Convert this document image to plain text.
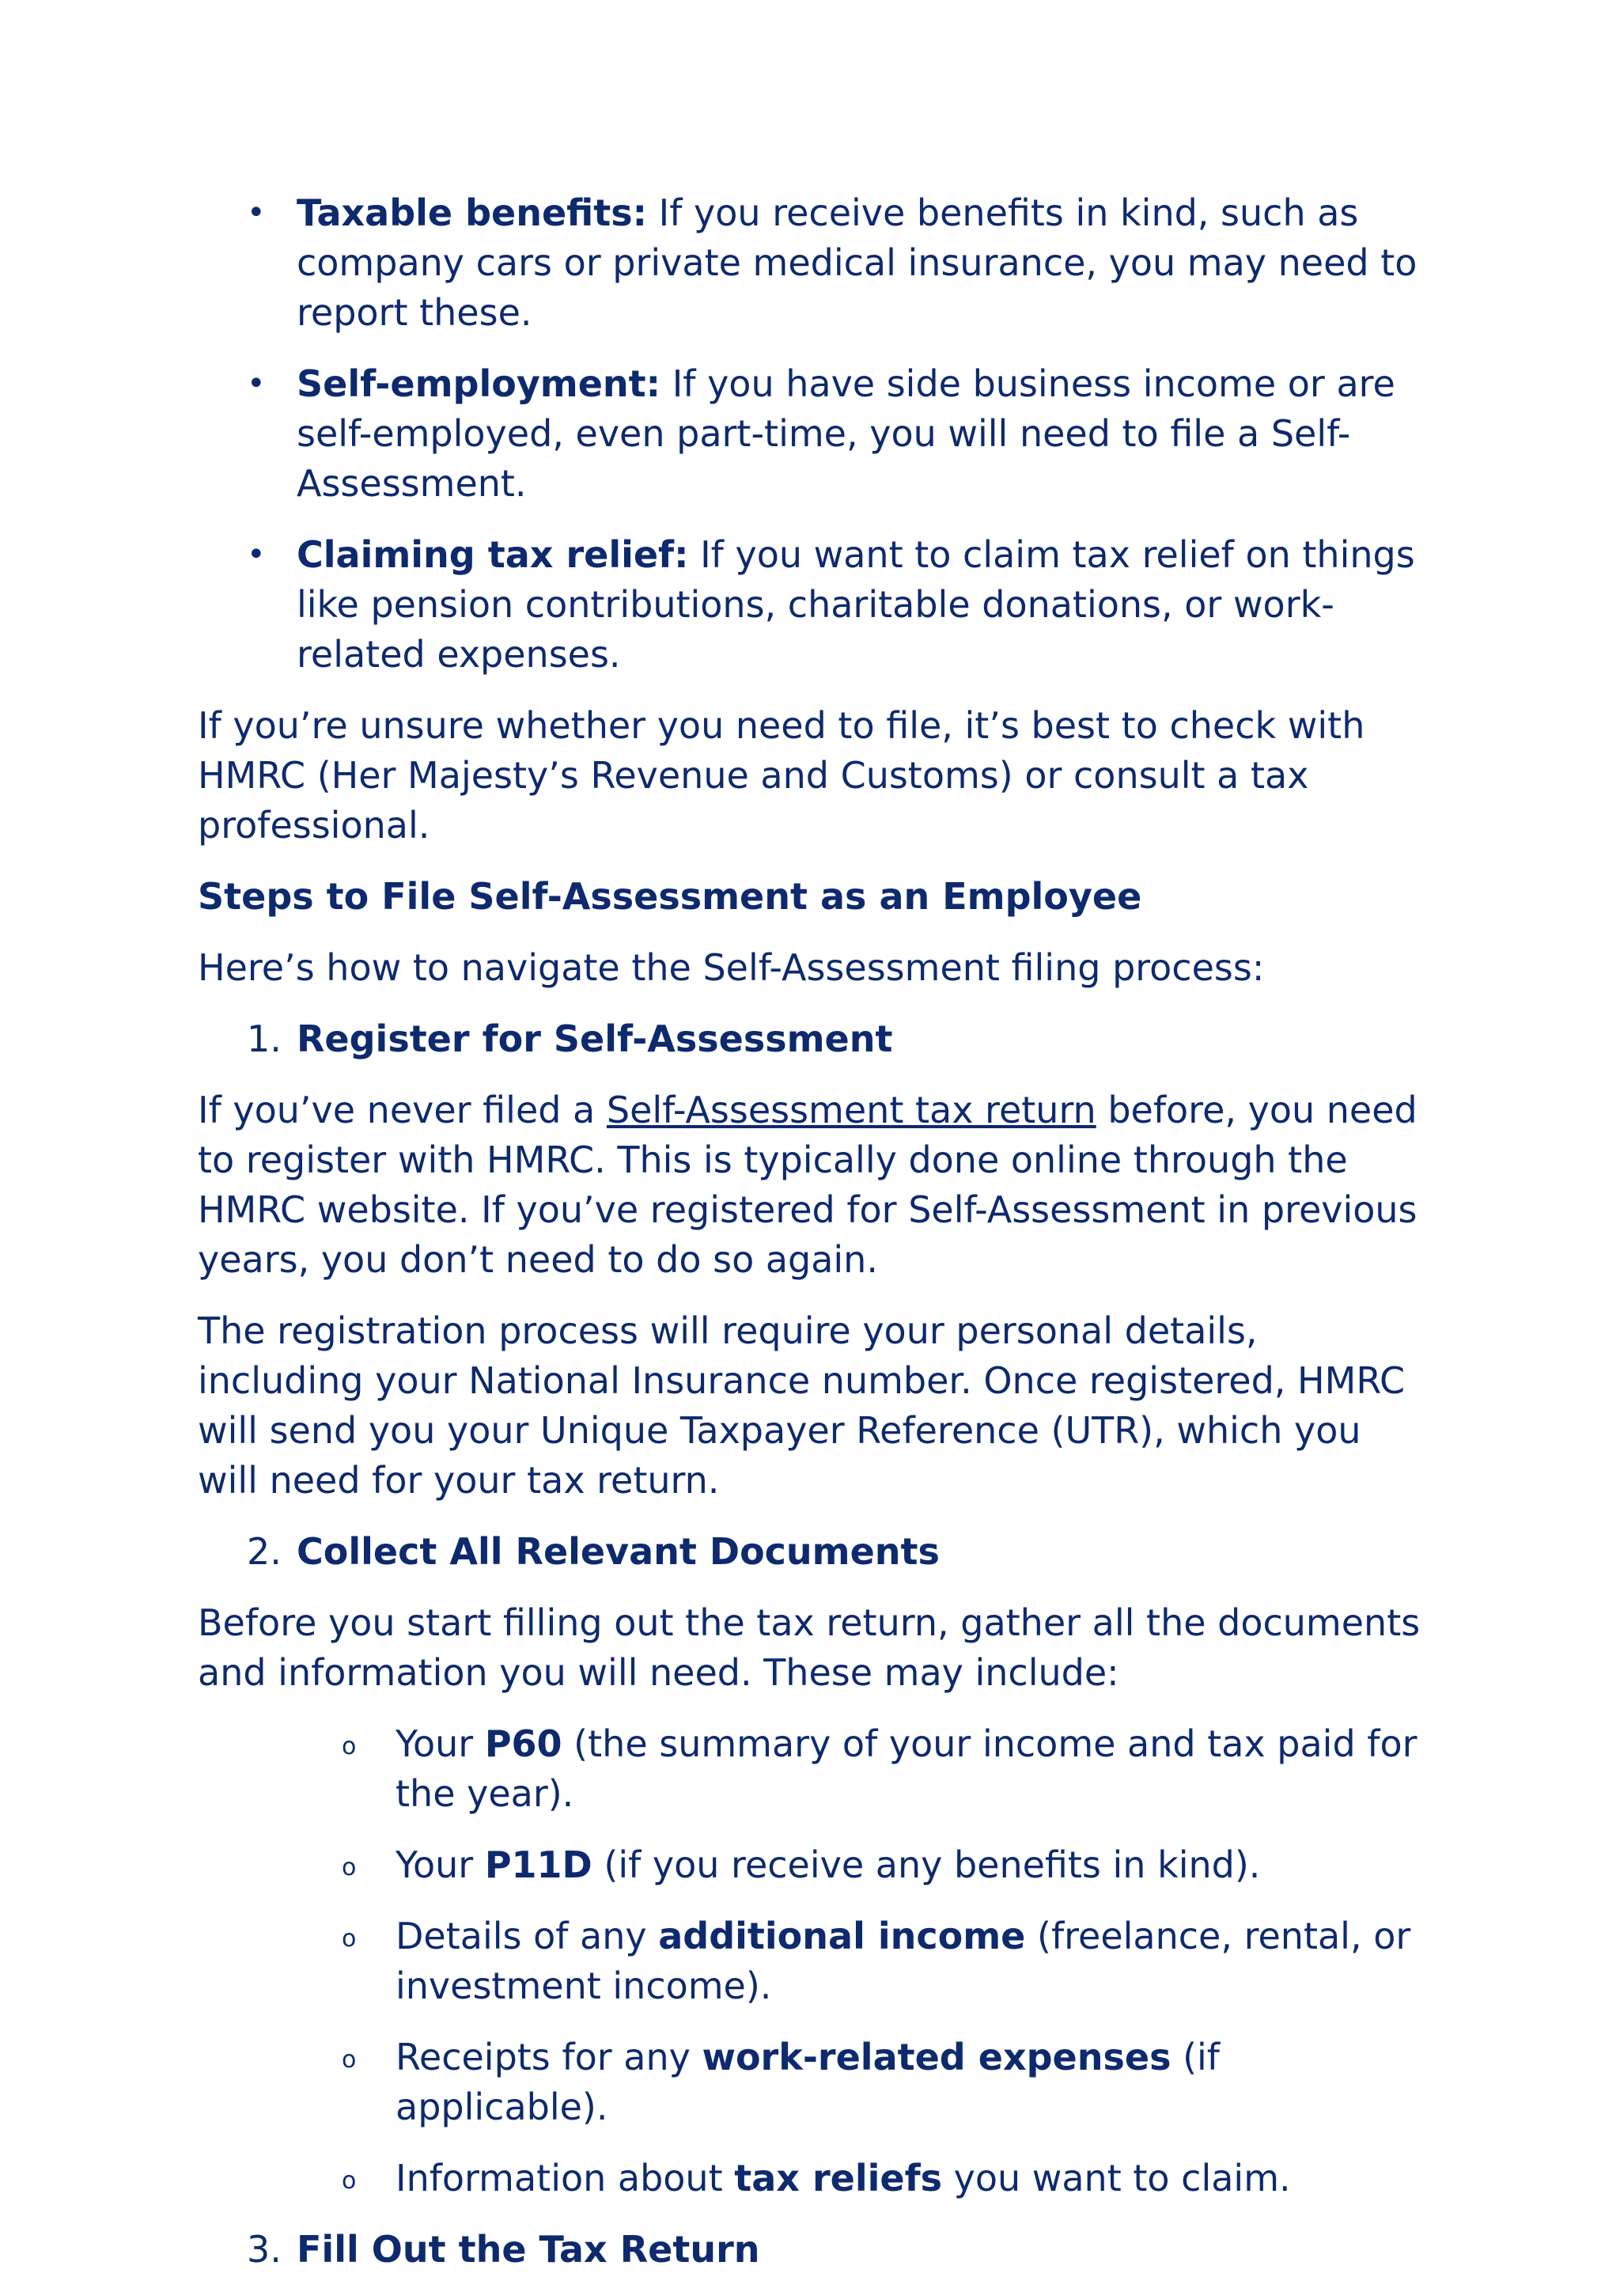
• Taxable benefits: If you receive benefits in kind, such as company cars or private medical insurance, you may need to report these.
• Self-employment: If you have side business income or are self-employed, even part-time, you will need to file a Self-Assessment.
• Claiming tax relief: If you want to claim tax relief on things like pension contributions, charitable donations, or work-related expenses.

If you’re unsure whether you need to file, it’s best to check with HMRC (Her Majesty’s Revenue and Customs) or consult a tax professional.

Steps to File Self-Assessment as an Employee

Here’s how to navigate the Self-Assessment filing process:

1. Register for Self-Assessment

If you’ve never filed a Self-Assessment tax return before, you need to register with HMRC. This is typically done online through the HMRC website. If you’ve registered for Self-Assessment in previous years, you don’t need to do so again.

The registration process will require your personal details, including your National Insurance number. Once registered, HMRC will send you your Unique Taxpayer Reference (UTR), which you will need for your tax return.

2. Collect All Relevant Documents

Before you start filling out the tax return, gather all the documents and information you will need. These may include:

o Your P60 (the summary of your income and tax paid for the year).
o Your P11D (if you receive any benefits in kind).
o Details of any additional income (freelance, rental, or investment income).
o Receipts for any work-related expenses (if applicable).
o Information about tax reliefs you want to claim.
3. Fill Out the Tax Return
